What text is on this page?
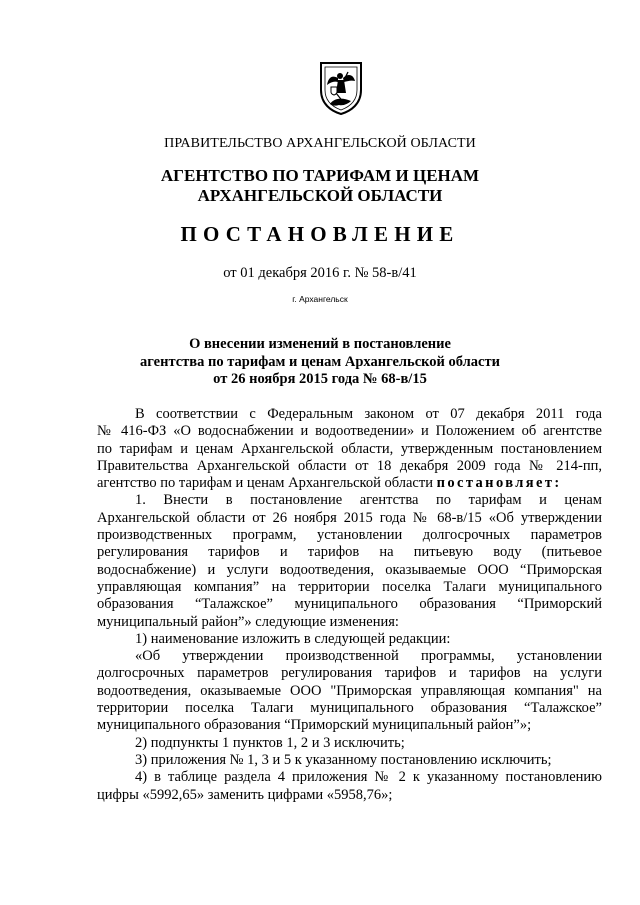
ПРАВИТЕЛЬСТВО АРХАНГЕЛЬСКОЙ ОБЛАСТИ
АГЕНТСТВО ПО ТАРИФАМ И ЦЕНАМ
АРХАНГЕЛЬСКОЙ ОБЛАСТИ
ПОСТАНОВЛЕНИЕ
от 01 декабря 2016 г. № 58-в/41
г. Архангельск
О внесении изменений в постановление
агентства по тарифам и ценам Архангельской области
от 26 ноября 2015 года № 68-в/15

В соответствии с Федеральным законом от 07 декабря 2011 года

№ 416-ФЗ «О водоснабжении и водоотведении» и Положением об агентстве

по тарифам и ценам Архангельской области, утвержденным постановлением

Правительства Архангельской области от 18 декабря 2009 года № 214-пп,

агентство по тарифам и ценам Архангельской области постановляет:

1. Внести в постановление агентства по тарифам и ценам

Архангельской области от 26 ноября 2015 года № 68-в/15 «Об утверждении

производственных программ, установлении долгосрочных параметров

регулирования тарифов и тарифов на питьевую воду (питьевое

водоснабжение) и услуги водоотведения, оказываемые ООО “Приморская

управляющая компания” на территории поселка Талаги муниципального

образования “Талажское” муниципального образования “Приморский

муниципальный район”» следующие изменения:

1) наименование изложить в следующей редакции:

«Об утверждении производственной программы, установлении

долгосрочных параметров регулирования тарифов и тарифов на услуги

водоотведения, оказываемые ООО "Приморская управляющая компания" на

территории поселка Талаги муниципального образования “Талажское”

муниципального образования “Приморский муниципальный район”»;

2) подпункты 1 пунктов 1, 2 и 3 исключить;

3) приложения № 1, 3 и 5 к указанному постановлению исключить;

4) в таблице раздела 4 приложения № 2 к указанному постановлению

цифры «5992,65» заменить цифрами «5958,76»;
